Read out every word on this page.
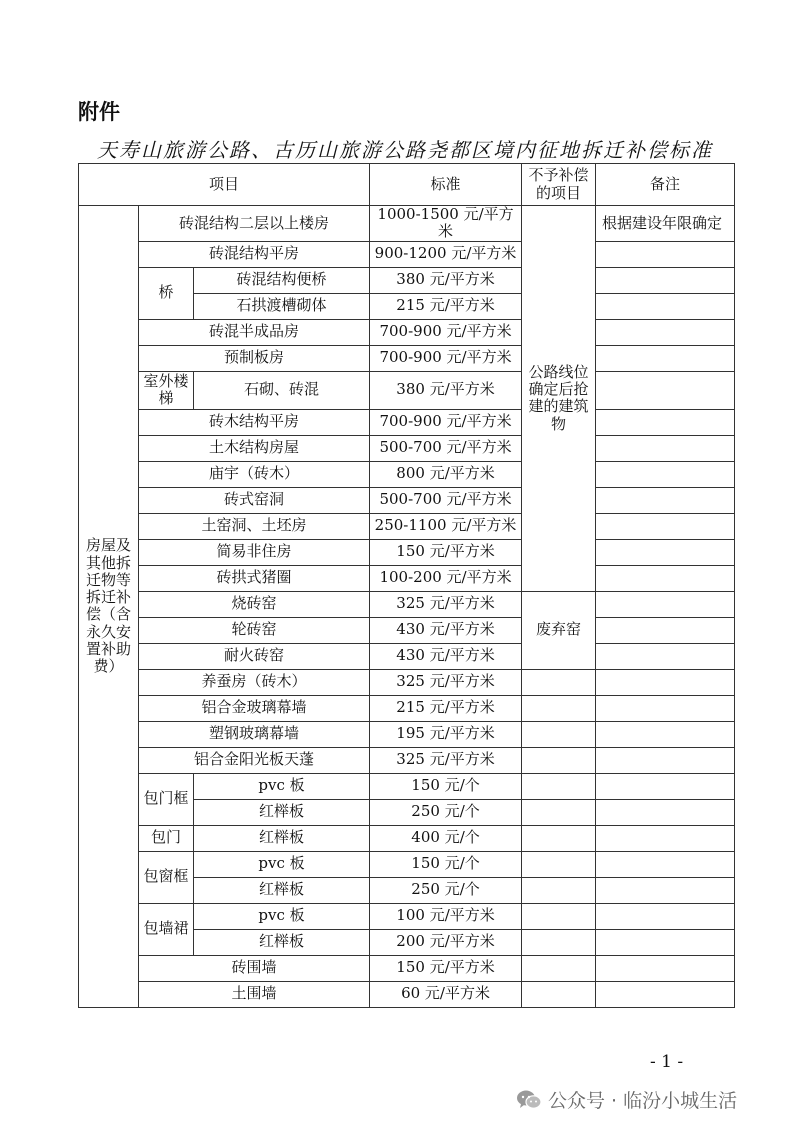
附件
天寿山旅游公路、古历山旅游公路尧都区境内征地拆迁补偿标准
项目			标准	不予补偿的项目	备注
房屋及其他拆迁物等拆迁补偿（含永久安置补助费）	砖混结构二层以上楼房		1000-1500 元/平方米	公路线位确定后抢建的建筑物	根据建设年限确定
	砖混结构平房		900-1200 元/平方米		
	桥	砖混结构便桥	380 元/平方米		
		石拱渡槽砌体	215 元/平方米		
	砖混半成品房		700-900 元/平方米		
	预制板房		700-900 元/平方米		
	室外楼梯	石砌、砖混	380 元/平方米		
	砖木结构平房		700-900 元/平方米		
	土木结构房屋		500-700 元/平方米		
	庙宇（砖木）		800 元/平方米		
	砖式窑洞		500-700 元/平方米		
	土窑洞、土坯房		250-1100 元/平方米		
	简易非住房		150 元/平方米		
	砖拱式猪圈		100-200 元/平方米		
	烧砖窑		325 元/平方米	废弃窑	
	轮砖窑		430 元/平方米		
	耐火砖窑		430 元/平方米		
	养蚕房（砖木）		325 元/平方米		
	铝合金玻璃幕墙		215 元/平方米		
	塑钢玻璃幕墙		195 元/平方米		
	铝合金阳光板天蓬		325 元/平方米		
	包门框	pvc 板	150 元/个		
		红榉板	250 元/个		
	包门	红榉板	400 元/个		
	包窗框	pvc 板	150 元/个		
		红榉板	250 元/个		
	包墙裙	pvc 板	100 元/平方米		
		红榉板	200 元/平方米		
	砖围墙		150 元/平方米		
	土围墙		60 元/平方米		
- 1 -
公众号 · 临汾小城生活
